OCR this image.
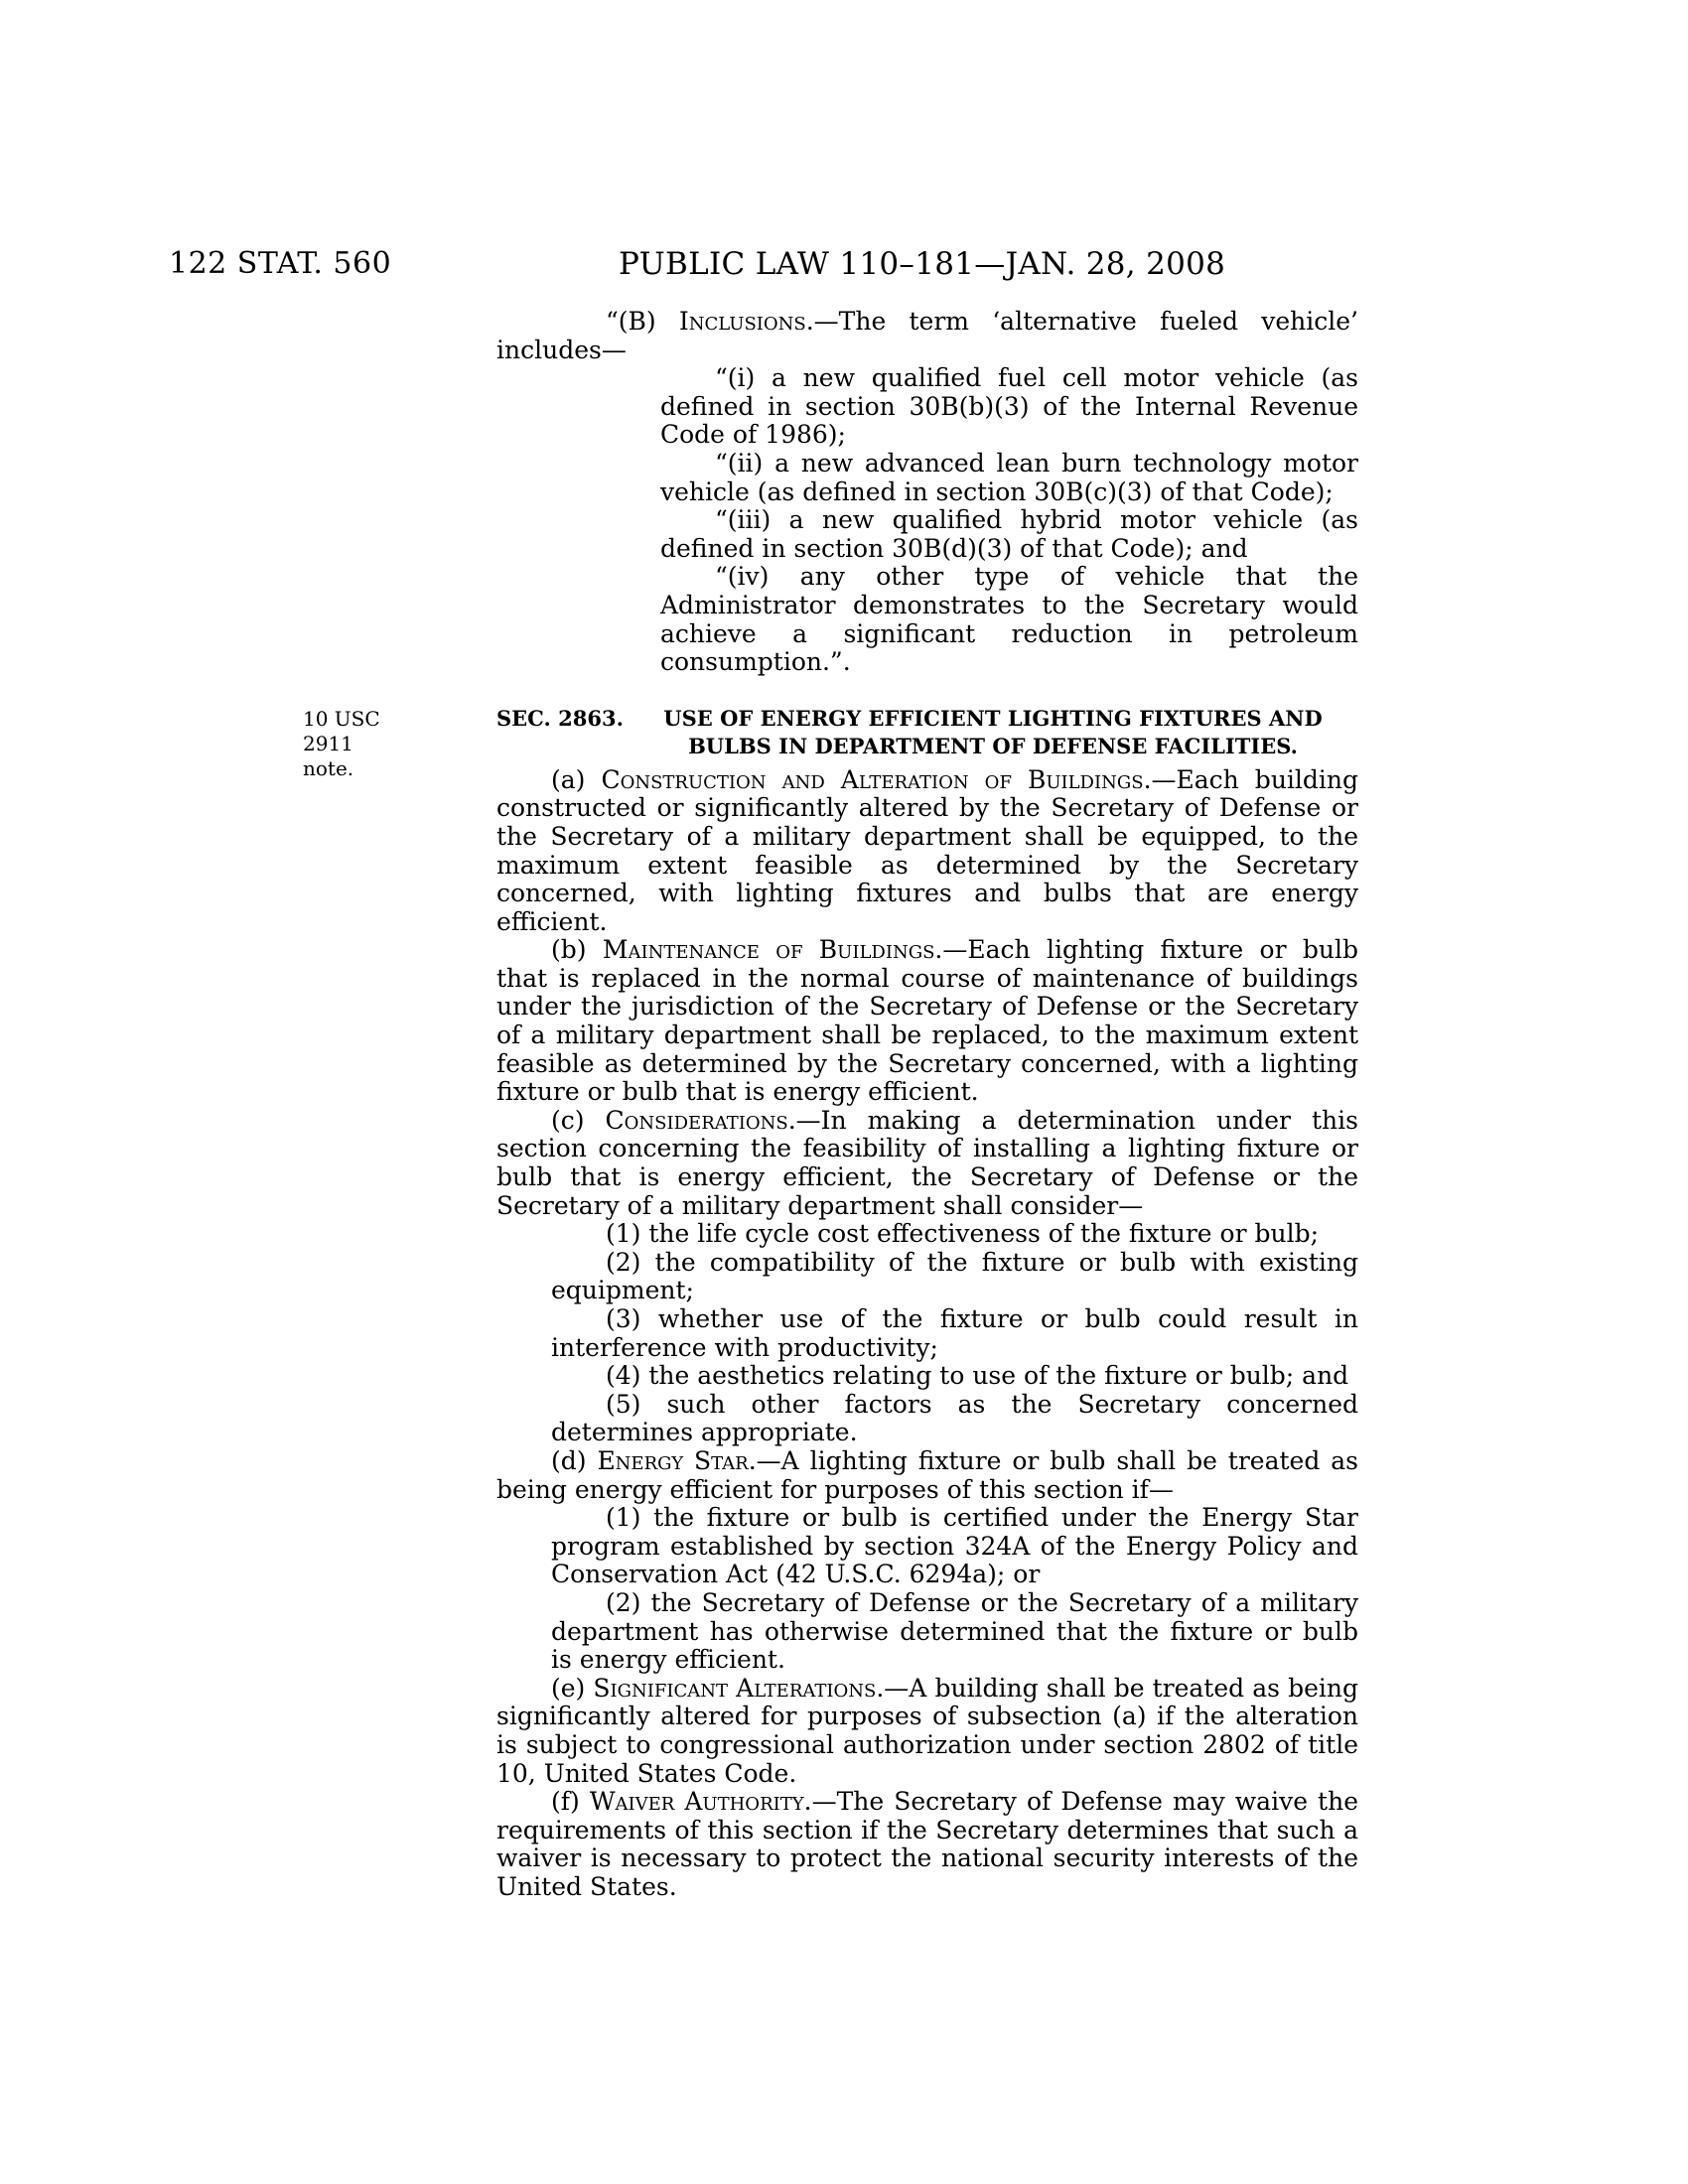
122 STAT. 560	PUBLIC LAW 110–181—JAN. 28, 2008
10 USC 2911
note.

“(B) Inclusions.—The term ‘alternative fueled vehicle’ includes—

“(i) a new qualified fuel cell motor vehicle (as defined in section 30B(b)(3) of the Internal Revenue Code of 1986);

“(ii) a new advanced lean burn technology motor vehicle (as defined in section 30B(c)(3) of that Code);

“(iii) a new qualified hybrid motor vehicle (as defined in section 30B(d)(3) of that Code); and

“(iv) any other type of vehicle that the Administrator demonstrates to the Secretary would achieve a significant reduction in petroleum consumption.”.

SEC. 2863.	USE OF ENERGY EFFICIENT LIGHTING FIXTURES AND
BULBS IN DEPARTMENT OF DEFENSE FACILITIES.

(a) Construction and Alteration of Buildings.—Each building constructed or significantly altered by the Secretary of Defense or the Secretary of a military department shall be equipped, to the maximum extent feasible as determined by the Secretary concerned, with lighting fixtures and bulbs that are energy efficient.

(b) Maintenance of Buildings.—Each lighting fixture or bulb that is replaced in the normal course of maintenance of buildings under the jurisdiction of the Secretary of Defense or the Secretary of a military department shall be replaced, to the maximum extent feasible as determined by the Secretary concerned, with a lighting fixture or bulb that is energy efficient.

(c) Considerations.—In making a determination under this section concerning the feasibility of installing a lighting fixture or bulb that is energy efficient, the Secretary of Defense or the Secretary of a military department shall consider—

(1) the life cycle cost effectiveness of the fixture or bulb;

(2) the compatibility of the fixture or bulb with existing equipment;

(3) whether use of the fixture or bulb could result in interference with productivity;

(4) the aesthetics relating to use of the fixture or bulb; and

(5) such other factors as the Secretary concerned determines appropriate.

(d) Energy Star.—A lighting fixture or bulb shall be treated as being energy efficient for purposes of this section if—

(1) the fixture or bulb is certified under the Energy Star program established by section 324A of the Energy Policy and Conservation Act (42 U.S.C. 6294a); or

(2) the Secretary of Defense or the Secretary of a military department has otherwise determined that the fixture or bulb is energy efficient.

(e) Significant Alterations.—A building shall be treated as being significantly altered for purposes of subsection (a) if the alteration is subject to congressional authorization under section 2802 of title 10, United States Code.

(f) Waiver Authority.—The Secretary of Defense may waive the requirements of this section if the Secretary determines that such a waiver is necessary to protect the national security interests of the United States.
